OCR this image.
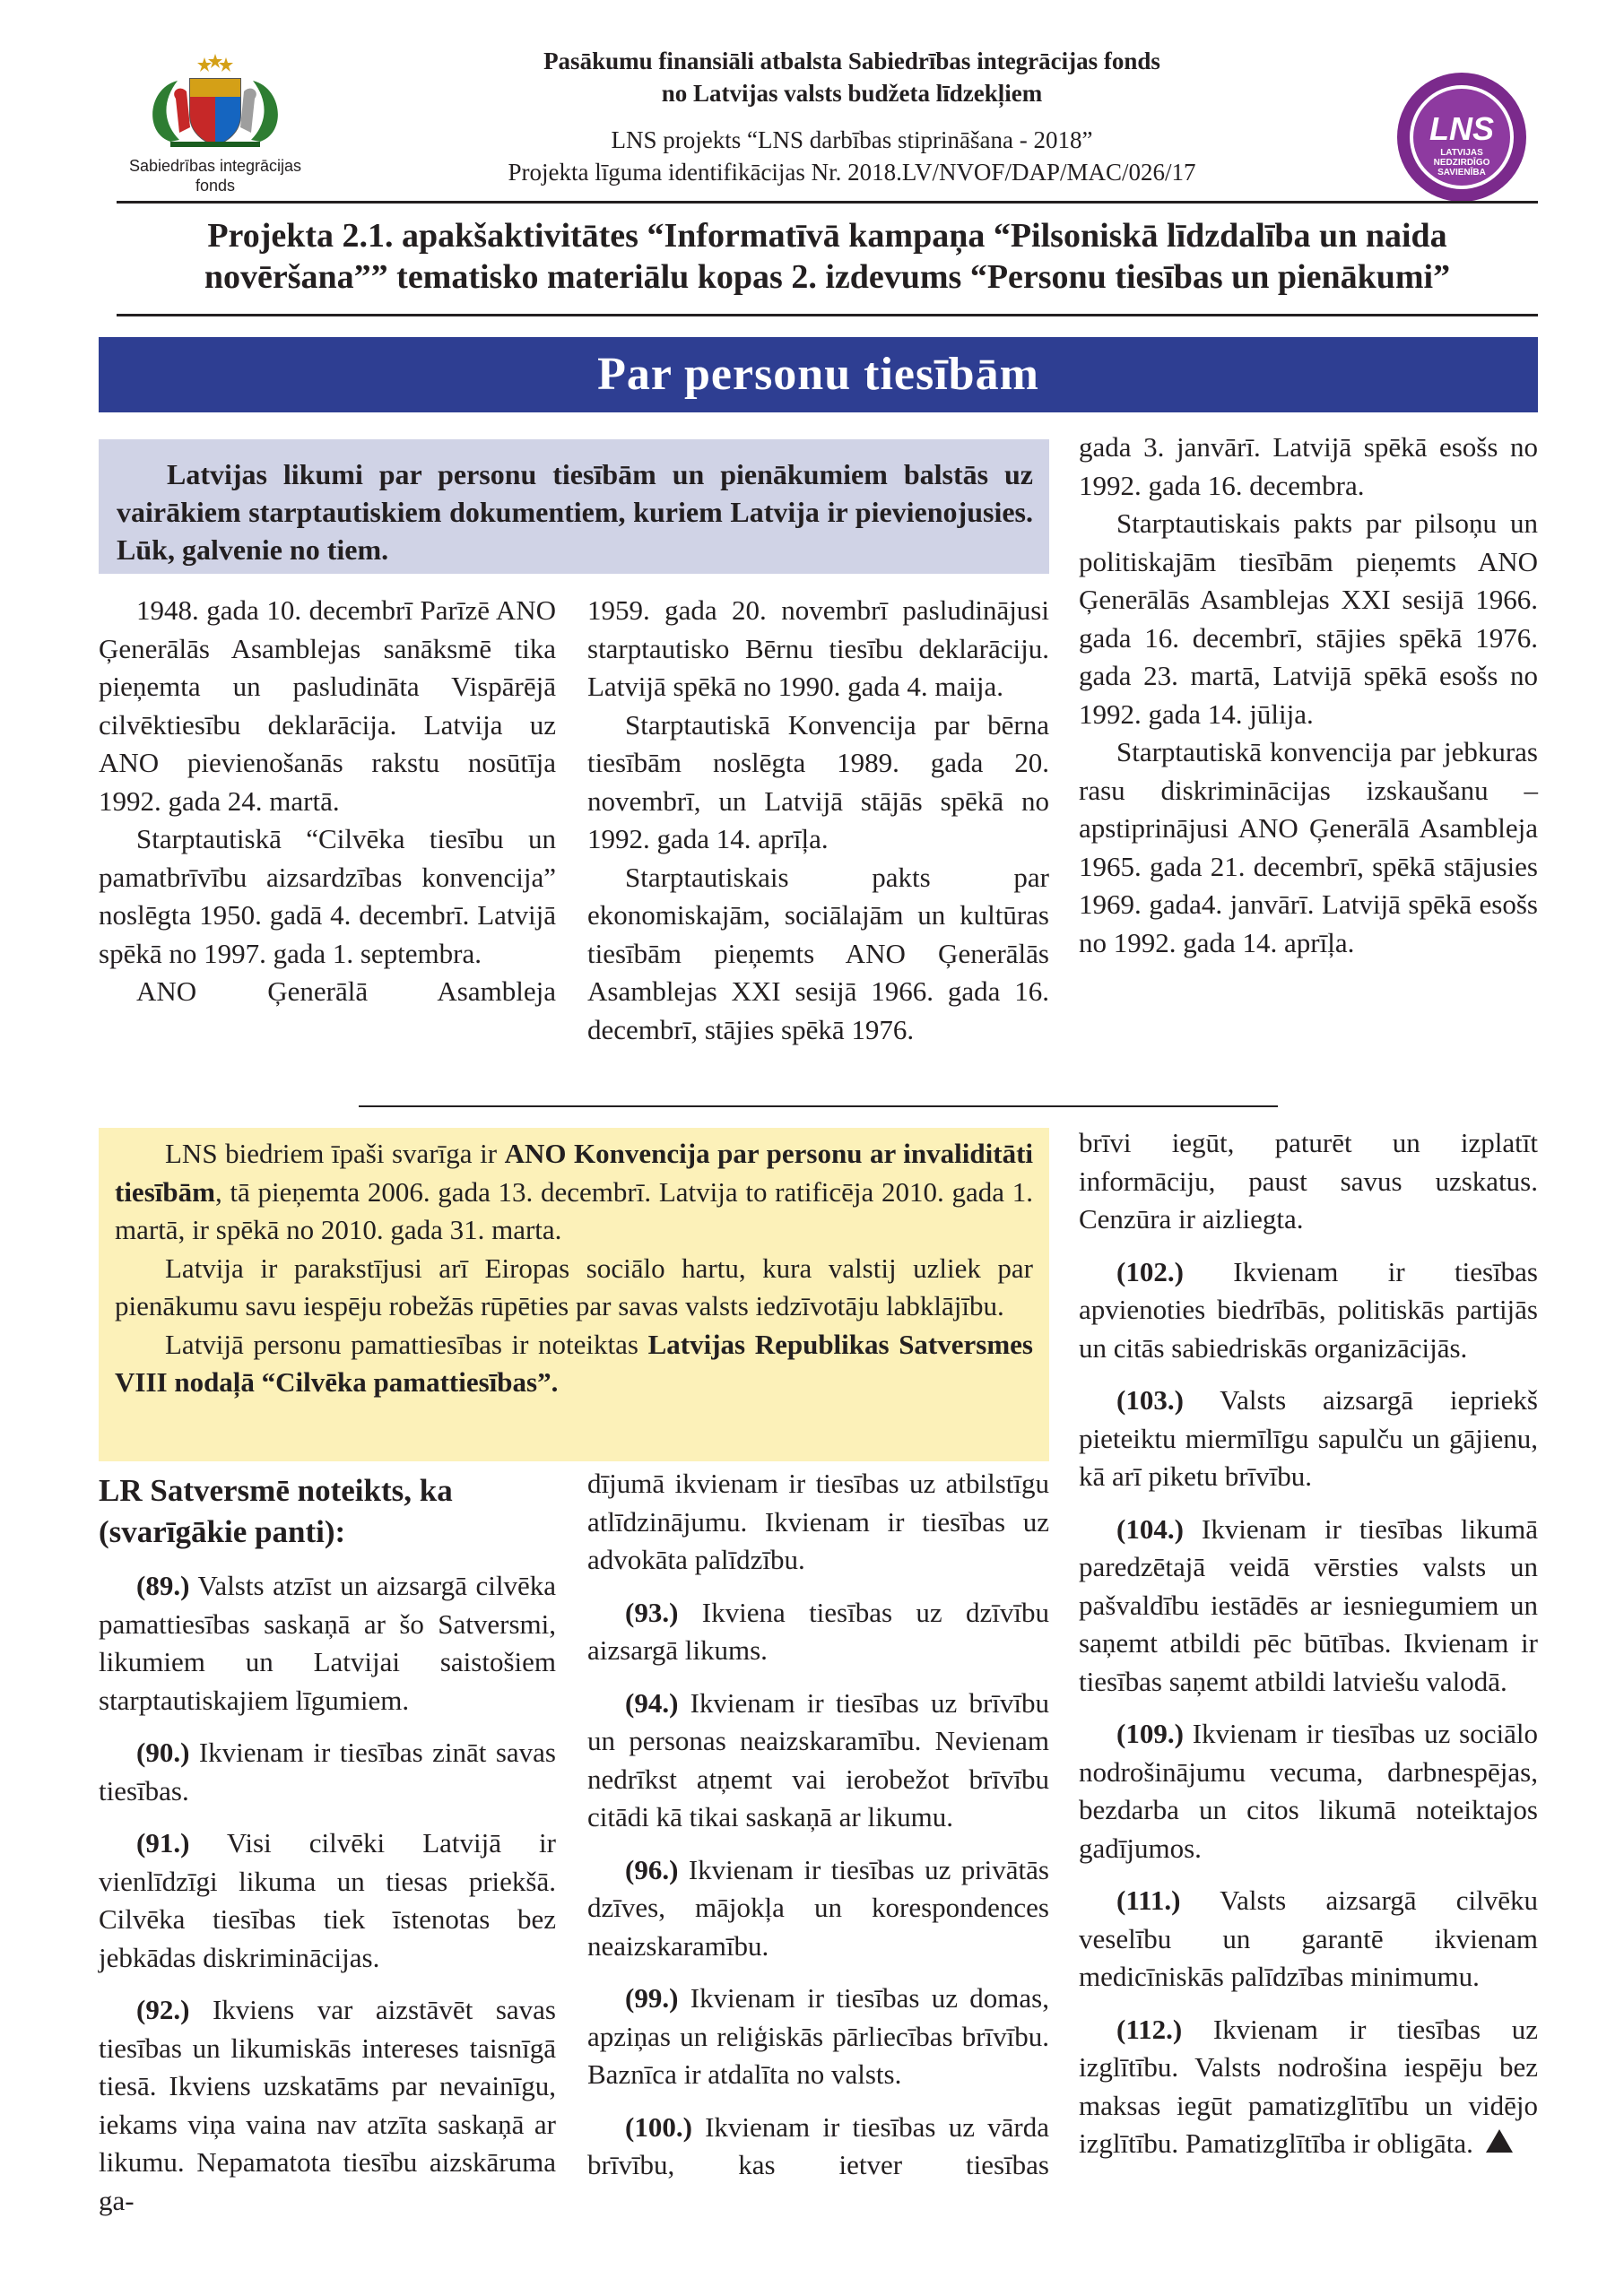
Sabiedrības integrācijas
fonds
Pasākumu finansiāli atbalsta Sabiedrības integrācijas fonds
no Latvijas valsts budžeta līdzekļiem
LNS projekts “LNS darbības stiprināšana - 2018”
Projekta līguma identifikācijas Nr. 2018.LV/NVOF/DAP/MAC/026/17
LNS
LATVIJAS
NEDZIRDĪGO
SAVIENĪBA
Projekta 2.1. apakšaktivitātes “Informatīvā kampaņa “Pilsoniskā līdzdalība un naida
novēršana”” tematisko materiālu kopas 2. izdevums “Personu tiesības un pienākumi”
Par personu tiesībām
Latvijas likumi par personu tiesībām un pienākumiem balstās uz vairākiem starptautiskiem dokumentiem, kuriem Latvija ir pievienojusies. Lūk, galvenie no tiem.

1948. gada 10. decembrī Parīzē ANO Ģenerālās Asamblejas sanāksmē tika pieņemta un pasludināta Vispārējā cilvēktiesību deklarācija. Latvija uz ANO pievienošanās rakstu nosūtīja 1992. gada 24. martā.

Starptautiskā “Cilvēka tiesību un pamatbrīvību aizsardzības konvencija” noslēgta 1950. gadā 4. decembrī. Latvijā spēkā no 1997. gada 1. septembra.

ANO Ģenerālā Asambleja

1959. gada 20. novembrī pasludinājusi starptautisko Bērnu tiesību deklarāciju. Latvijā spēkā no 1990. gada 4. maija.

Starptautiskā Konvencija par bērna tiesībām noslēgta 1989. gada 20. novembrī, un Latvijā stājās spēkā no 1992. gada 14. aprīļa.

Starptautiskais pakts par ekonomiskajām, sociālajām un kultūras tiesībām pieņemts ANO Ģenerālās Asamblejas XXI sesijā 1966. gada 16. decembrī, stājies spēkā 1976.

gada 3. janvārī. Latvijā spēkā esošs no 1992. gada 16. decembra.

Starptautiskais pakts par pilsoņu un politiskajām tiesībām pieņemts ANO Ģenerālās Asamblejas XXI sesijā 1966. gada 16. decembrī, stājies spēkā 1976. gada 23. martā, Latvijā spēkā esošs no 1992. gada 14. jūlija.

Starptautiskā konvencija par jebkuras rasu diskriminācijas izskaušanu – apstiprinājusi ANO Ģenerālā Asambleja 1965. gada 21. decembrī, spēkā stājusies 1969. gada4. janvārī. Latvijā spēkā esošs no 1992. gada 14. aprīļa.

LNS biedriem īpaši svarīga ir ANO Konvencija par personu ar invaliditāti tiesībām, tā pieņemta 2006. gada 13. decembrī. Latvija to ratificēja 2010. gada 1. martā, ir spēkā no 2010. gada 31. marta.

Latvija ir parakstījusi arī Eiropas sociālo hartu, kura valstij uzliek par pienākumu savu iespēju robežās rūpēties par savas valsts iedzīvotāju labklājību.

Latvijā personu pamattiesības ir noteiktas Latvijas Republikas Satversmes VIII nodaļā “Cilvēka pamattiesības”.

LR Satversmē noteikts, ka (svarīgākie panti):

(89.) Valsts atzīst un aizsargā cilvēka pamattiesības saskaņā ar šo Satversmi, likumiem un Latvijai saistošiem starptautiskajiem līgumiem.

(90.) Ikvienam ir tiesības zināt savas tiesības.

(91.) Visi cilvēki Latvijā ir vienlīdzīgi likuma un tiesas priekšā. Cilvēka tiesības tiek īstenotas bez jebkādas diskriminācijas.

(92.) Ikviens var aizstāvēt savas tiesības un likumiskās intereses taisnīgā tiesā. Ikviens uzskatāms par nevainīgu, iekams viņa vaina nav atzīta saskaņā ar likumu. Nepamatota tiesību aizskāruma ga-

dījumā ikvienam ir tiesības uz atbilstīgu atlīdzinājumu. Ikvienam ir tiesības uz advokāta palīdzību.

(93.) Ikviena tiesības uz dzīvību aizsargā likums.

(94.) Ikvienam ir tiesības uz brīvību un personas neaizskaramību. Nevienam nedrīkst atņemt vai ierobežot brīvību citādi kā tikai saskaņā ar likumu.

(96.) Ikvienam ir tiesības uz privātās dzīves, mājokļa un korespondences neaizskaramību.

(99.) Ikvienam ir tiesības uz domas, apziņas un reliģiskās pārliecības brīvību. Baznīca ir atdalīta no valsts.

(100.) Ikvienam ir tiesības uz vārda brīvību, kas ietver tiesības

brīvi iegūt, paturēt un izplatīt informāciju, paust savus uzskatus. Cenzūra ir aizliegta.

(102.) Ikvienam ir tiesības apvienoties biedrībās, politiskās partijās un citās sabiedriskās organizācijās.

(103.) Valsts aizsargā iepriekš pieteiktu miermīlīgu sapulču un gājienu, kā arī piketu brīvību.

(104.) Ikvienam ir tiesības likumā paredzētajā veidā vērsties valsts un pašvaldību iestādēs ar iesniegumiem un saņemt atbildi pēc būtības. Ikvienam ir tiesības saņemt atbildi latviešu valodā.

(109.) Ikvienam ir tiesības uz sociālo nodrošinājumu vecuma, darbnespējas, bezdarba un citos likumā noteiktajos gadījumos.

(111.) Valsts aizsargā cilvēku veselību un garantē ikvienam medicīniskās palīdzības minimumu.

(112.) Ikvienam ir tiesības uz izglītību. Valsts nodrošina iespēju bez maksas iegūt pamatizglītību un vidējo izglītību. Pamatizglītība ir obligāta.
